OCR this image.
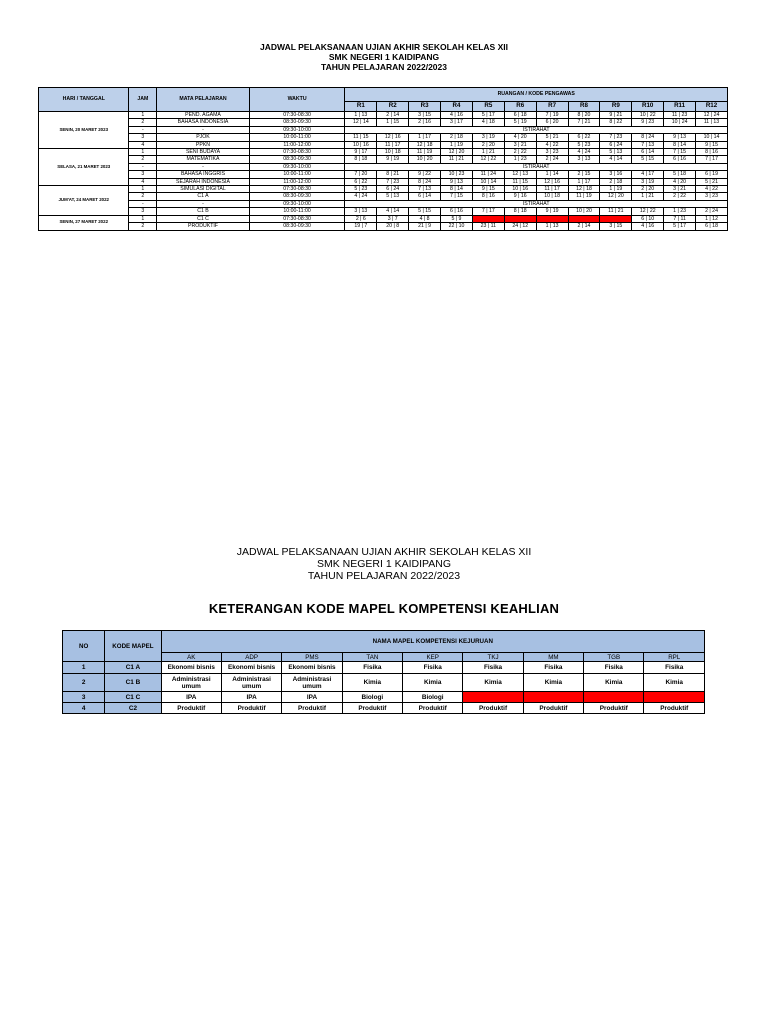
JADWAL PELAKSANAAN UJIAN AKHIR SEKOLAH KELAS XII
SMK NEGERI 1 KAIDIPANG
TAHUN PELAJARAN 2022/2023
HARI / TANGGAL	JAM	MATA PELAJARAN	WAKTU	RUANGAN / KODE PENGAWAS											
				R1	R2	R3	R4	R5	R6	R7	R8	R9	R10	R11	R12
SENIN, 20 MARET 2023	1	PEND. AGAMA	07:30-08:30	1 | 13	2 | 14	3 | 15	4 | 16	5 | 17	6 | 18	7 | 19	8 | 20	9 | 21	10 | 22	11 | 23	12 | 24
	2	BAHASA INDONESIA	08:30-09:30	12 | 14	1 | 15	2 | 16	3 | 17	4 | 18	5 | 19	6 | 20	7 | 21	8 | 22	9 | 23	10 | 24	11 | 13
	-	-	09:30-10:00	ISTIRAHAT											
	3	PJOK	10:00-11:00	11 | 15	12 | 16	1 | 17	2 | 18	3 | 19	4 | 20	5 | 21	6 | 22	7 | 23	8 | 24	9 | 13	10 | 14
	4	PPKN	11:00-12:00	10 | 16	11 | 17	12 | 18	1 | 19	2 | 20	3 | 21	4 | 22	5 | 23	6 | 24	7 | 13	8 | 14	9 | 15
SELASA, 21 MARET 2023	1	SENI BUDAYA	07:30-08:30	9 | 17	10 | 18	11 | 19	12 | 20	1 | 21	2 | 22	3 | 23	4 | 24	5 | 13	6 | 14	7 | 15	8 | 16
	2	MATEMATIKA	08:30-09:30	8 | 18	9 | 19	10 | 20	11 | 21	12 | 22	1 | 23	2 | 24	3 | 13	4 | 14	5 | 15	6 | 16	7 | 17
	-	-	09:30-10:00	ISTIRAHAT											
	3	BAHASA INGGRIS	10:00-11:00	7 | 20	8 | 21	9 | 22	10 | 23	11 | 24	12 | 13	1 | 14	2 | 15	3 | 16	4 | 17	5 | 18	6 | 19
	4	SEJARAH INDONESIA	11:00-12:00	6 | 22	7 | 23	8 | 24	9 | 13	10 | 14	11 | 15	12 | 16	1 | 17	2 | 18	3 | 19	4 | 20	5 | 21
JUM'AT, 24 MARET 2022	1	SIMULASI DIGITAL	07:30-08:30	5 | 23	6 | 24	7 | 13	8 | 14	9 | 15	10 | 16	11 | 17	12 | 18	1 | 19	2 | 20	3 | 21	4 | 22
	2	C1 A	08:30-09:30	4 | 24	5 | 13	6 | 14	7 | 15	8 | 16	9 | 16	10 | 18	11 | 19	12 | 20	1 | 21	2 | 22	3 | 23
	-	-	09:30-10:00	ISTIRAHAT											
	3	C1 B	10:00-11:00	3 | 13	4 | 14	5 | 15	6 | 16	7 | 17	8 | 18	9 | 19	10 | 20	11 | 21	12 | 22	1 | 23	2 | 24
SENIN, 27 MARET 2022	1	C1 C	07:30-08:30	2 | 6	3 | 7	4 | 8	5 | 9						6 | 10	7 | 11	1 | 12
	2	PRODUKTIF	08:30-09:30	19 | 7	20 | 8	21 | 9	22 | 10	23 | 11	24 | 12	1 | 13	2 | 14	3 | 15	4 | 16	5 | 17	6 | 18
JADWAL PELAKSANAAN UJIAN AKHIR SEKOLAH KELAS XII
SMK NEGERI 1 KAIDIPANG
TAHUN PELAJARAN 2022/2023
KETERANGAN KODE MAPEL KOMPETENSI KEAHLIAN
NO	KODE MAPEL	NAMA MAPEL KOMPETENSI KEJURUAN								
		AK	ADP	PMS	TAN	KEP	TKJ	MM	TGB	RPL
1	C1 A	Ekonomi bisnis	Ekonomi bisnis	Ekonomi bisnis	Fisika	Fisika	Fisika	Fisika	Fisika	Fisika
2	C1 B	Administrasi umum	Administrasi umum	Administrasi umum	Kimia	Kimia	Kimia	Kimia	Kimia	Kimia
3	C1 C	IPA	IPA	IPA	Biologi	Biologi				
4	C2	Produktif	Produktif	Produktif	Produktif	Produktif	Produktif	Produktif	Produktif	Produktif
